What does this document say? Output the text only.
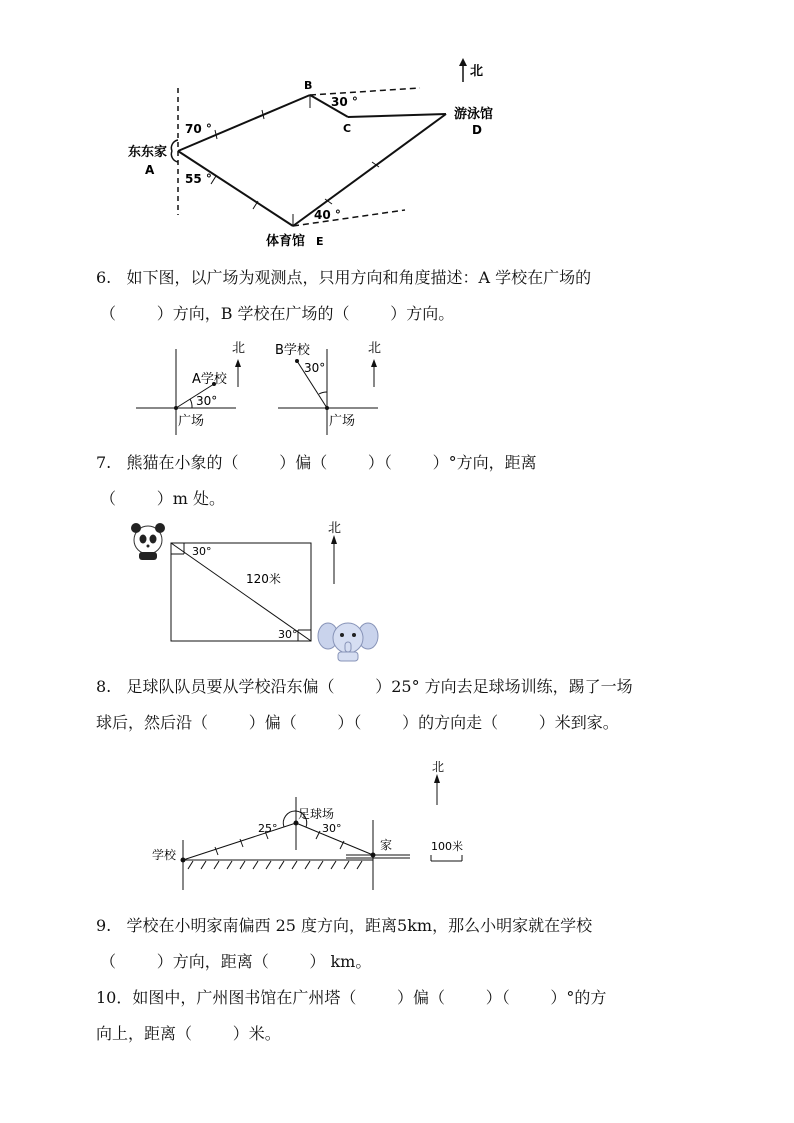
北
东东家
A
B
C
游泳馆
D
体育馆 E
70 °
55 °
30 °
40 °
6.   如下图，以广场为观测点，只用方向和角度描述：A 学校在广场的
（        ）方向，B 学校在广场的（        ）方向。
北	北
A学校
B学校
30°
30°
广场	广场
7.   熊猫在小象的（        ）偏（        ）（        ）°方向，距离
（        ）m 处。
北
120米
30°
30°
8.   足球队队员要从学校沿东偏（        ）25° 方向去足球场训练，踢了一场
球后，然后沿（        ）偏（        ）（        ）的方向走（        ）米到家。
北
学校
足球场
家
25°	30°
100米
9.   学校在小明家南偏西 25 度方向，距离5km，那么小明家就在学校
（        ）方向，距离（        ） km。
10．如图中，广州图书馆在广州塔（        ）偏（        ）（        ）°的方
向上，距离（        ）米。
